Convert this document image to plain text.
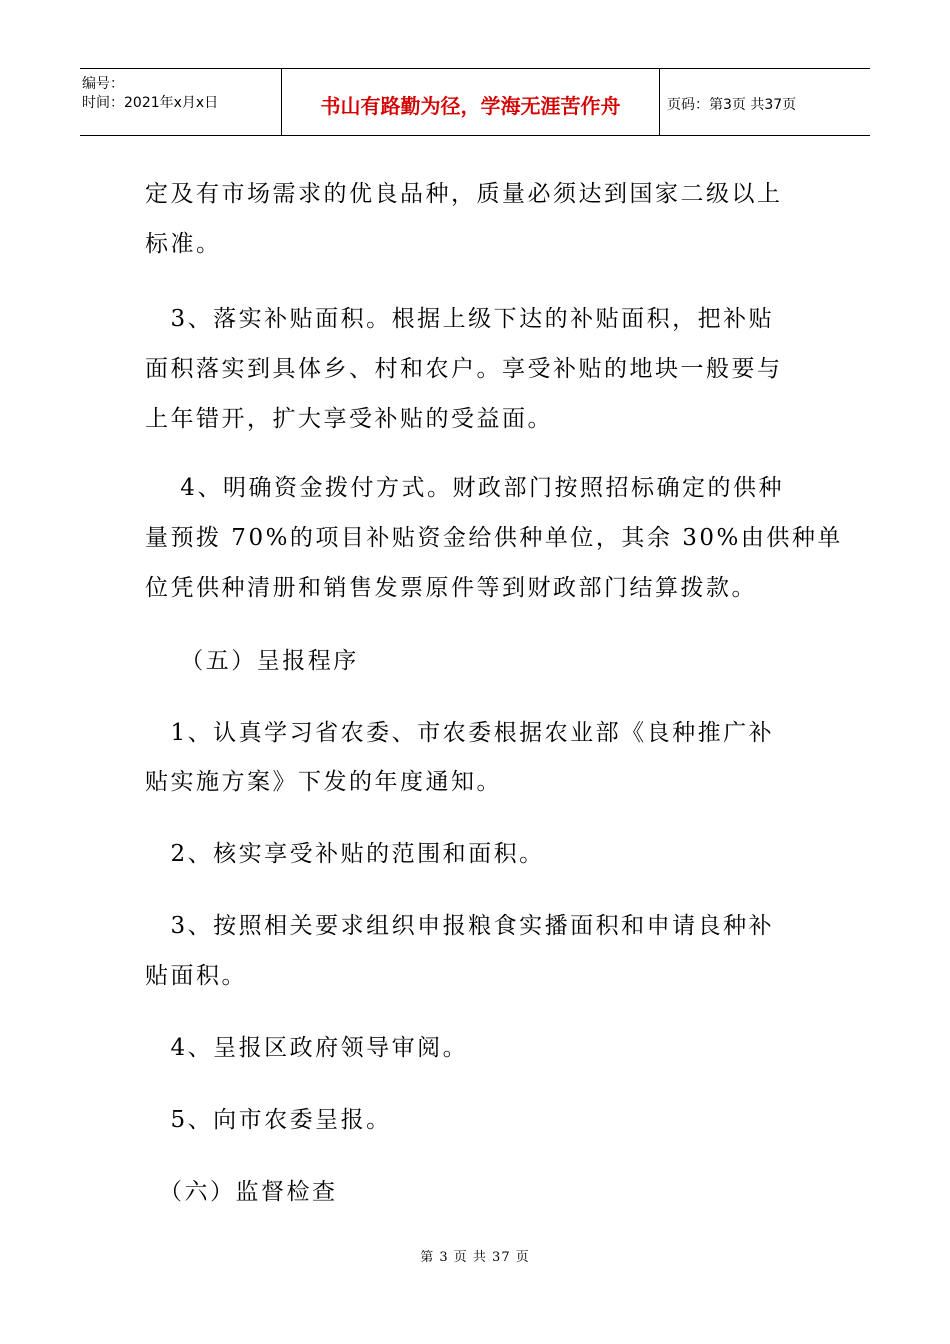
编号：
时间：2021年x月x日	书山有路勤为径，学海无涯苦作舟	页码：第3页 共37页
定及有市场需求的优良品种，质量必须达到国家二级以上
标准。
　3、落实补贴面积。根据上级下达的补贴面积，把补贴
面积落实到具体乡、村和农户。享受补贴的地块一般要与
上年错开，扩大享受补贴的受益面。
　 4、明确资金拨付方式。财政部门按照招标确定的供种
量预拨 70%的项目补贴资金给供种单位，其余 30%由供种单
位凭供种清册和销售发票原件等到财政部门结算拨款。
　 （五）呈报程序
　1、认真学习省农委、市农委根据农业部《良种推广补
贴实施方案》下发的年度通知。
　2、核实享受补贴的范围和面积。
　3、按照相关要求组织申报粮食实播面积和申请良种补
贴面积。
　4、呈报区政府领导审阅。
　5、向市农委呈报。
　（六）监督检查
第 3 页 共 37 页
